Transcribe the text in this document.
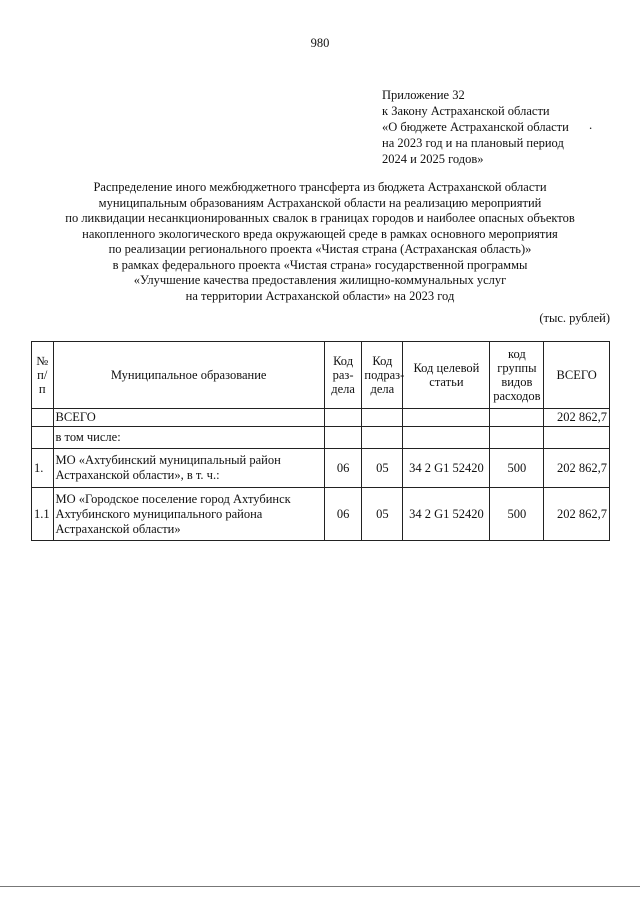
980
Приложение 32
к Закону Астраханской области
«О бюджете Астраханской области
на 2023 год и на плановый период
2024 и 2025 годов»
.
Распределение иного межбюджетного трансферта из бюджета Астраханской области
муниципальным образованиям Астраханской области на реализацию мероприятий
по ликвидации несанкционированных свалок в границах городов и наиболее опасных объектов
накопленного экологического вреда окружающей среде в рамках основного мероприятия
по реализации регионального проекта «Чистая страна (Астраханская область)»
в рамках федерального проекта «Чистая страна» государственной программы
«Улучшение качества предоставления жилищно-коммунальных услуг
на территории Астраханской области» на 2023 год
(тыс. рублей)
№ п/п	Муниципальное образование	Код раз-дела	Код подраз-дела	Код целевой статьи	код группы видов расходов	ВСЕГО
	ВСЕГО					202 862,7
	в том числе:					
1.	МО «Ахтубинский муниципальный район Астраханской области», в т. ч.:	06	05	34 2 G1 52420	500	202 862,7
1.1	МО «Городское поселение город Ахтубинск Ахтубинского муниципального района Астраханской области»	06	05	34 2 G1 52420	500	202 862,7
